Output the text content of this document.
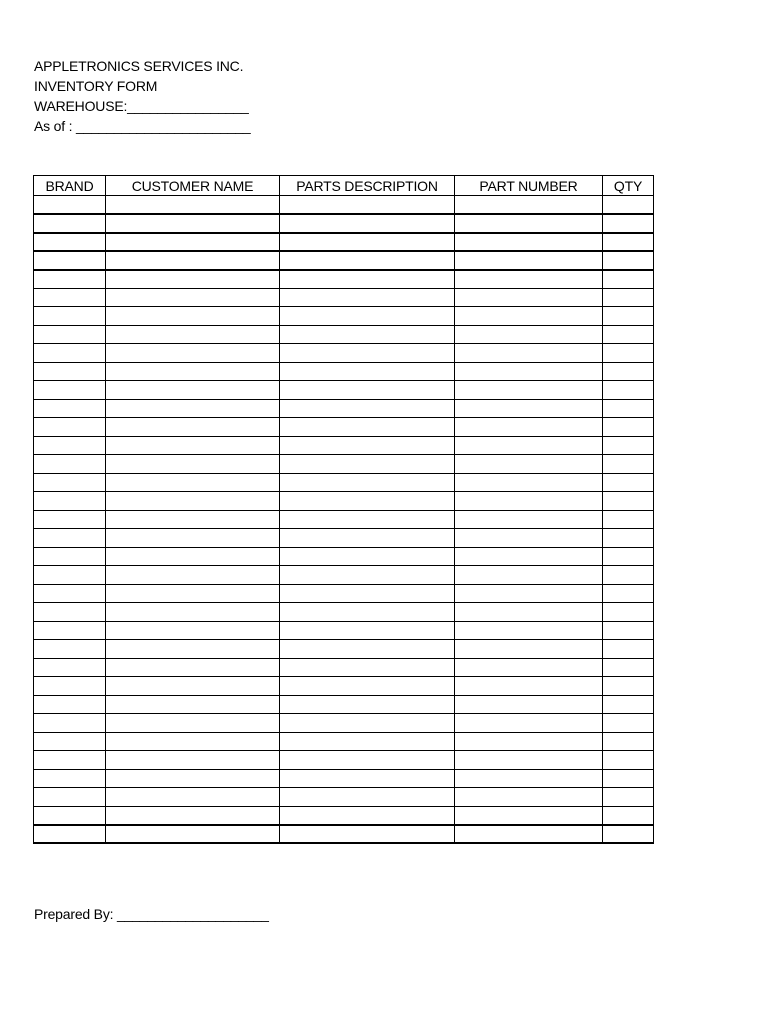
APPLETRONICS SERVICES INC.
INVENTORY FORM
WAREHOUSE:________________
As of : _______________________
BRAND	CUSTOMER NAME	PARTS DESCRIPTION	PART NUMBER	QTY

Prepared By: ____________________
